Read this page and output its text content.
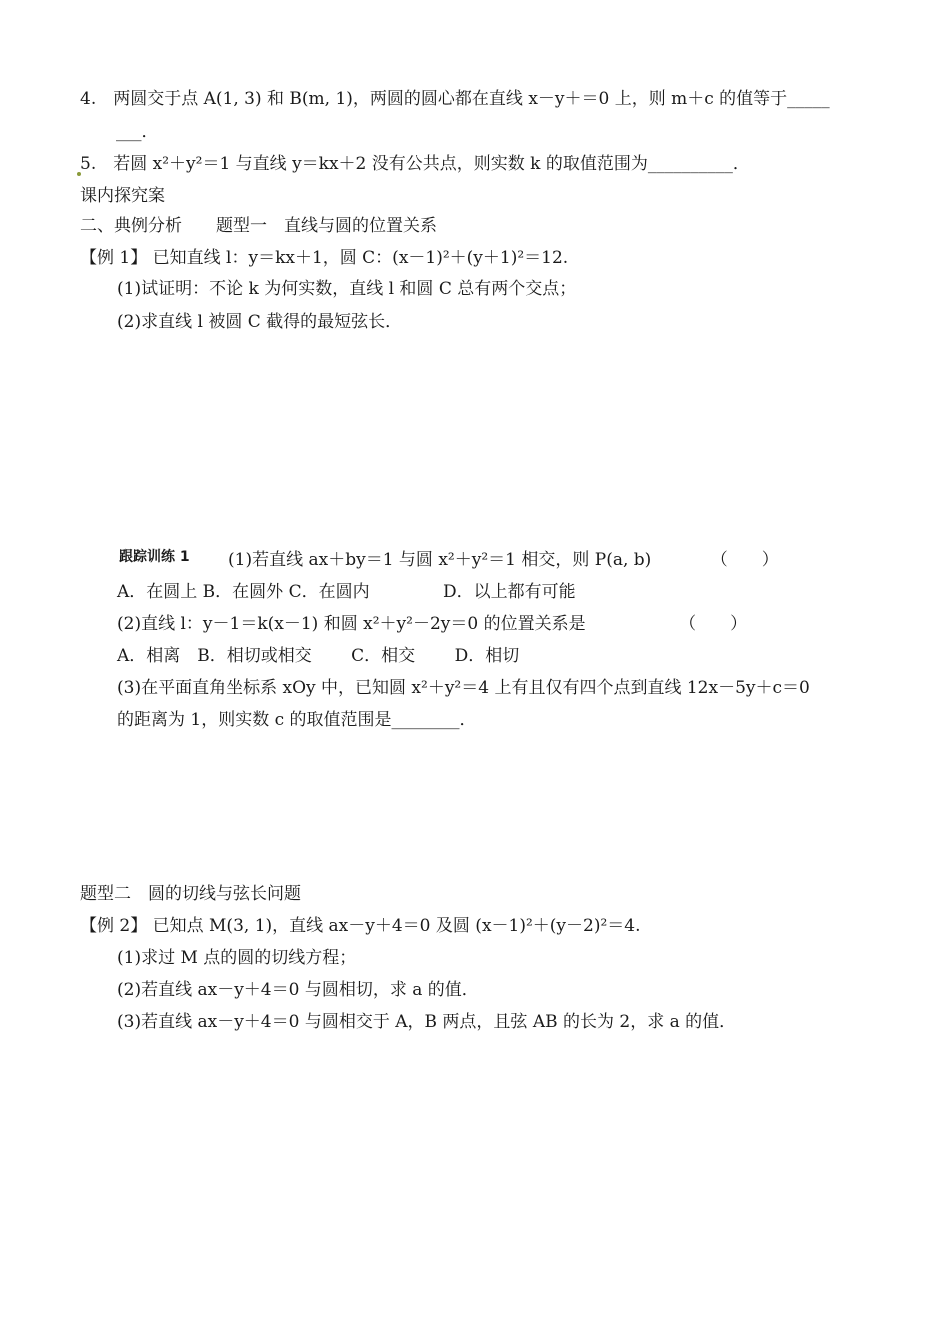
4.　两圆交于点 A(1, 3) 和 B(m, 1)，两圆的圆心都在直线 x－y＋＝0 上，则 m＋c 的值等于_____
___．
5.　若圆 x²＋y²＝1 与直线 y＝kx＋2 没有公共点，则实数 k 的取值范围为__________．
课内探究案
二、典例分析　　题型一　直线与圆的位置关系
【例 1】 已知直线 l：y＝kx＋1，圆 C：(x－1)²＋(y＋1)²＝12.
(1)试证明：不论 k 为何实数，直线 l 和圆 C 总有两个交点；
(2)求直线 l 被圆 C 截得的最短弦长．
跟踪训练 1 (1)若直线 ax＋by＝1 与圆 x²＋y²＝1 相交，则 P(a, b)　　　　（　　）
A．在圆上 B．在圆外 C．在圆内　　　　 D．以上都有可能
(2)直线 l：y－1＝k(x－1) 和圆 x²＋y²－2y＝0 的位置关系是　　　　　　（　　）
A．相离　B．相切或相交　　 C．相交　　 D．相切
(3)在平面直角坐标系 xOy 中，已知圆 x²＋y²＝4 上有且仅有四个点到直线 12x－5y＋c＝0
的距离为 1，则实数 c 的取值范围是________．
题型二　圆的切线与弦长问题
【例 2】 已知点 M(3, 1)，直线 ax－y＋4＝0 及圆 (x－1)²＋(y－2)²＝4.
(1)求过 M 点的圆的切线方程；
(2)若直线 ax－y＋4＝0 与圆相切，求 a 的值．
(3)若直线 ax－y＋4＝0 与圆相交于 A，B 两点，且弦 AB 的长为 2，求 a 的值．
